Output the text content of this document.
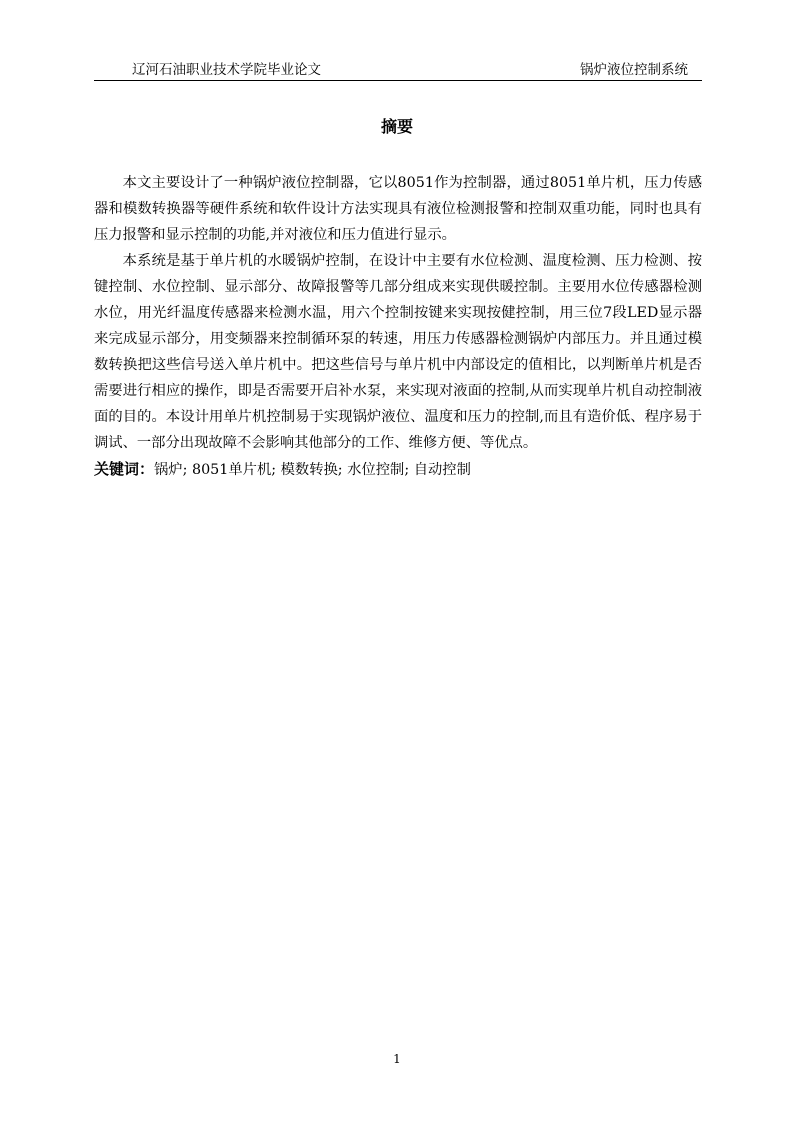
辽河石油职业技术学院毕业论文	锅炉液位控制系统
摘要

本文主要设计了一种锅炉液位控制器，它以8051作为控制器，通过8051单片机，压力传感器和模数转换器等硬件系统和软件设计方法实现具有液位检测报警和控制双重功能，同时也具有压力报警和显示控制的功能,并对液位和压力值进行显示。

本系统是基于单片机的水暖锅炉控制，在设计中主要有水位检测、温度检测、压力检测、按键控制、水位控制、显示部分、故障报警等几部分组成来实现供暖控制。主要用水位传感器检测水位，用光纤温度传感器来检测水温，用六个控制按键来实现按健控制，用三位7段LED显示器来完成显示部分，用变频器来控制循环泵的转速，用压力传感器检测锅炉内部压力。并且通过模数转换把这些信号送入单片机中。把这些信号与单片机中内部设定的值相比，以判断单片机是否需要进行相应的操作，即是否需要开启补水泵，来实现对液面的控制,从而实现单片机自动控制液面的目的。本设计用单片机控制易于实现锅炉液位、温度和压力的控制,而且有造价低、程序易于调试、一部分出现故障不会影响其他部分的工作、维修方便、等优点。

关键词：锅炉; 8051单片机; 模数转换; 水位控制; 自动控制

1
